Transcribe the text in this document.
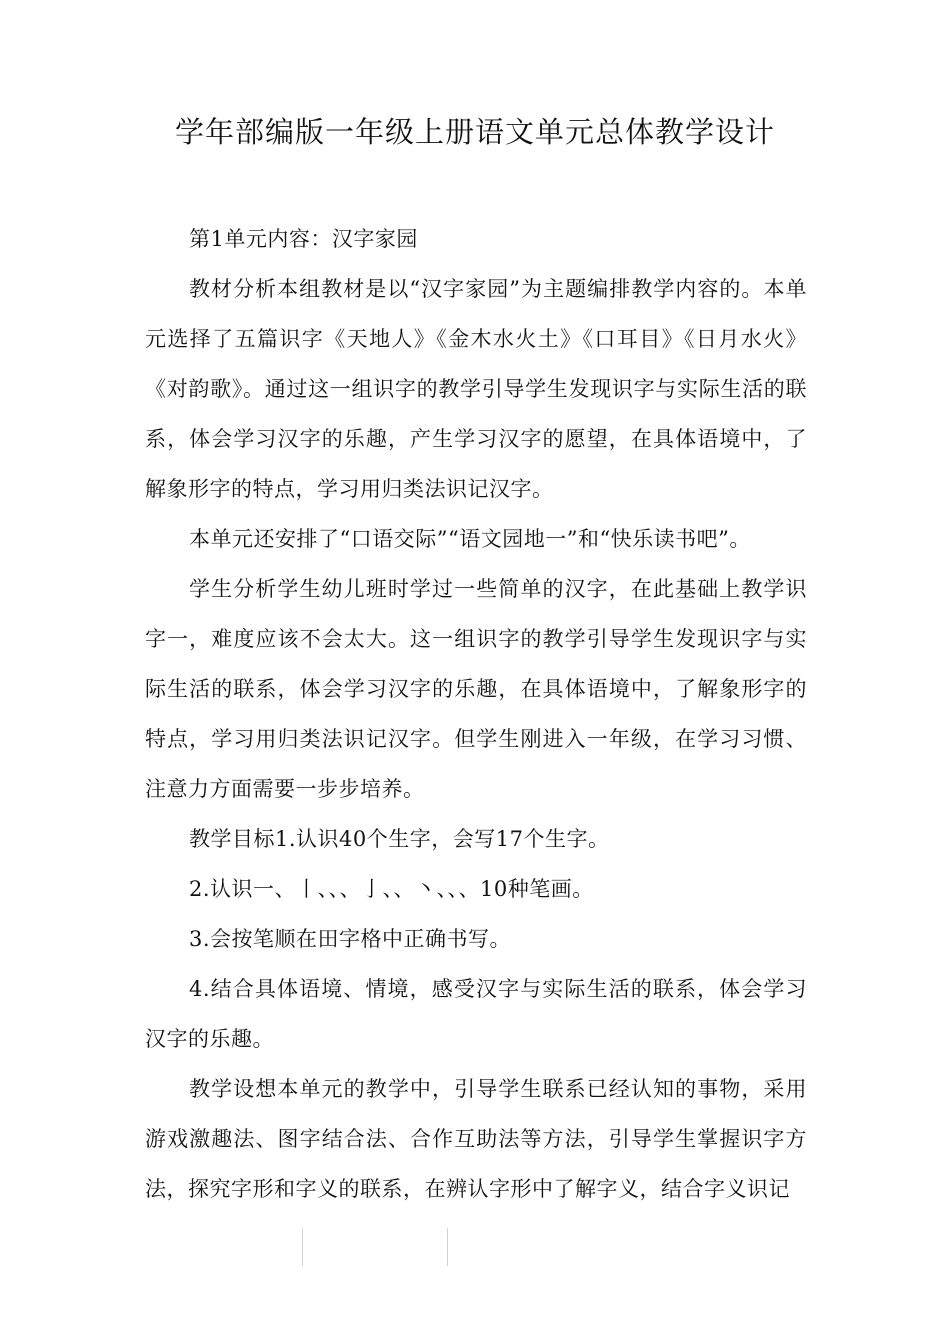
学年部编版一年级上册语文单元总体教学设计

第1单元内容：汉字家园

教材分析本组教材是以“汉字家园”为主题编排教学内容的。本单元选择了五篇识字《天地人》《金木水火土》《口耳目》《日月水火》《对韵歌》。通过这一组识字的教学引导学生发现识字与实际生活的联系，体会学习汉字的乐趣，产生学习汉字的愿望，在具体语境中，了解象形字的特点，学习用归类法识记汉字。

本单元还安排了“口语交际”“语文园地一”和“快乐读书吧”。

学生分析学生幼儿班时学过一些简单的汉字，在此基础上教学识字一，难度应该不会太大。这一组识字的教学引导学生发现识字与实际生活的联系，体会学习汉字的乐趣，在具体语境中，了解象形字的特点，学习用归类法识记汉字。但学生刚进入一年级，在学习习惯、注意力方面需要一步步培养。

教学目标1.认识40个生字，会写17个生字。

2.认识一、丨、、、亅、、丶、、、10种笔画。

3.会按笔顺在田字格中正确书写。

4.结合具体语境、情境，感受汉字与实际生活的联系，体会学习汉字的乐趣。

教学设想本单元的教学中，引导学生联系已经认知的事物，采用游戏激趣法、图字结合法、合作互助法等方法，引导学生掌握识字方法，探究字形和字义的联系，在辨认字形中了解字义，结合字义识记
